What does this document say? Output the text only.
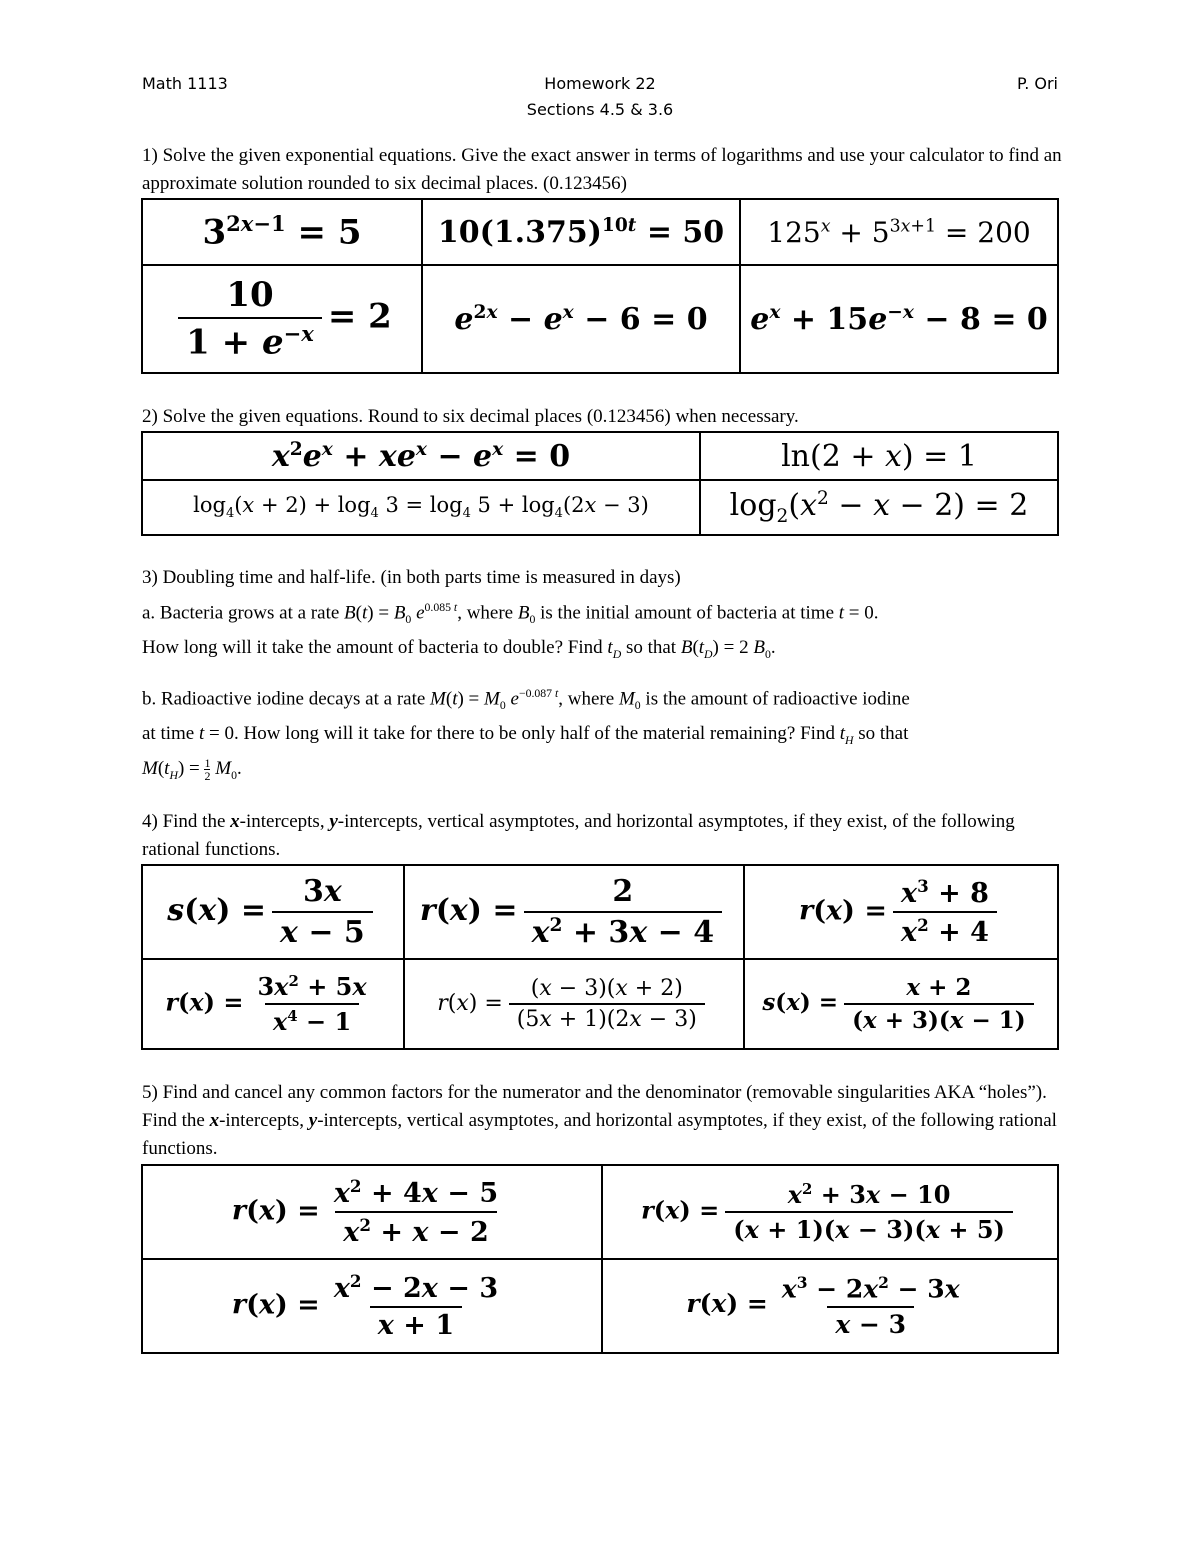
Math 1113	Homework 22	P. Ori
Sections 4.5 & 3.6
1) Solve the given exponential equations. Give the exact answer in terms of logarithms and use your calculator to find an approximate solution rounded to six decimal places. (0.123456)
$3^{2x-1} = 5$	$10(1.375)^{10t} = 50$	$125^x + 5^{3x+1} = 200$

$\frac{10}{1 + e^{-x}} = 2$	$e^{2x} - e^x - 6 = 0$	$e^x + 15e^{-x} - 8 = 0$
2) Solve the given equations. Round to six decimal places (0.123456) when necessary.
$x^2e^x + xe^x - e^x = 0$	ln(2 + x) = 1
$\log_4(x + 2) + \log_4 3 = \log_4 5 + \log_4(2x - 3)$	$\log_2(x^2 - x - 2) = 2$
3) Doubling time and half-life. (in both parts time is measured in days)
a. Bacteria grows at a rate $B(t) = B_0$ $e^{0.085 t}$, where $B_0$ is the initial amount of bacteria at time t = 0.
How long will it take the amount of bacteria to double? Find $t_D$ so that $B(t_D) = 2$ $B_0$.
b. Radioactive iodine decays at a rate $M(t) = M_0$ $e^{-0.087 t}$, where $M_0$ is the amount of radioactive iodine
at time t = 0. How long will it take for there to be only half of the material remaining? Find $t_H$ so that
$M(t_H) = \frac{1}{2} M_0$.
4) Find the x-intercepts, y-intercepts, vertical asymptotes, and horizontal asymptotes, if they exist, of the following rational functions.
$s(x) = \frac{3x}{x - 5}$	$r(x) = \frac{2}{x^2 + 3x - 4}$	$r(x) = \frac{x^3 + 8}{x^2 + 4}$

$r(x) = \frac{3x^2 + 5x}{x^4 - 1}$	$r(x) = \frac{(x - 3)(x + 2)}{(5x + 1)(2x - 3)}$	$s(x) = \frac{x + 2}{(x + 3)(x - 1)}$
5) Find and cancel any common factors for the numerator and the denominator (removable singularities AKA “holes”). Find the x-intercepts, y-intercepts, vertical asymptotes, and horizontal asymptotes, if they exist, of the following rational functions.
$r(x) = \frac{x^2 + 4x - 5}{x^2 + x - 2}$	$r(x) = \frac{x^2 + 3x - 10}{(x + 1)(x - 3)(x + 5)}$

$r(x) = \frac{x^2 - 2x - 3}{x + 1}$	$r(x) = \frac{x^3 - 2x^2 - 3x}{x - 3}$
